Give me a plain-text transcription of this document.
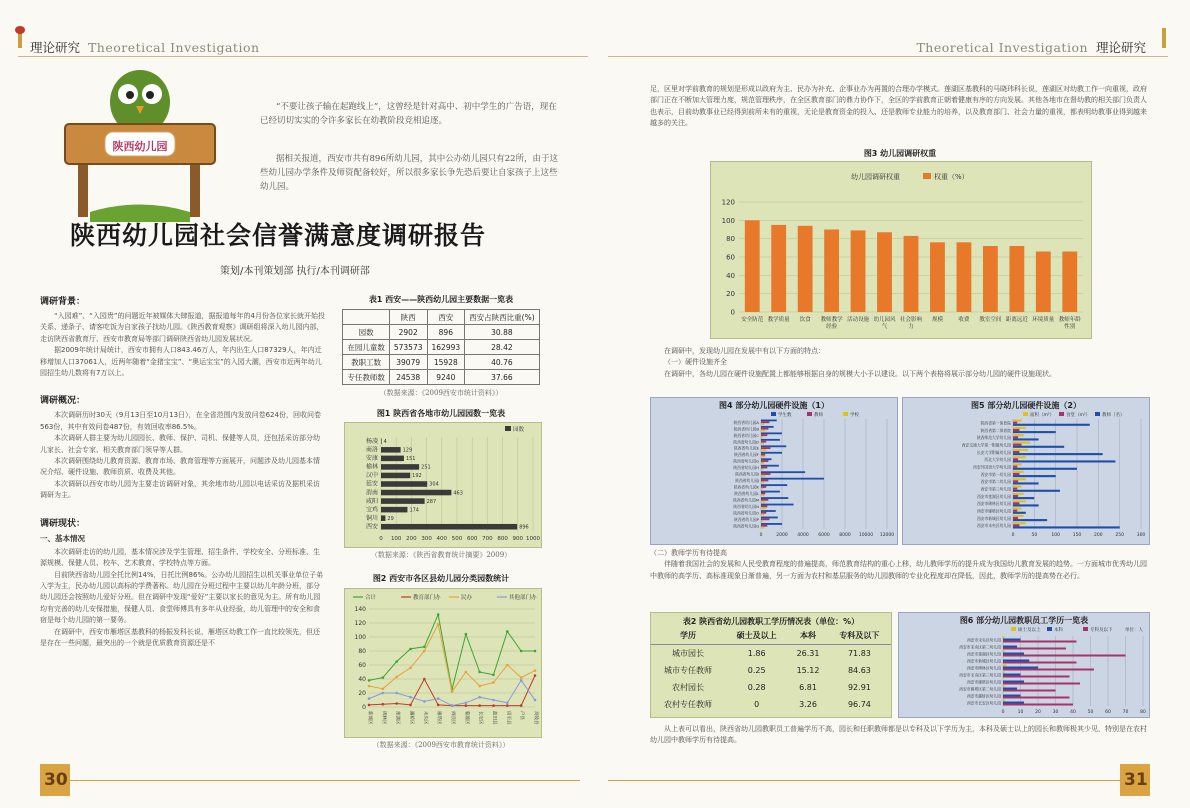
理论研究 Theoretical Investigation	Theoretical Investigation 理论研究
陕西幼儿园
“不要让孩子输在起跑线上”，这曾经是针对高中、初中学生的广告语，现在已经切切实实的令许多家长在幼教阶段竞相追逐。
据相关报道，西安市共有896所幼儿园，其中公办幼儿园只有22所，由于这些幼儿园办学条件及师资配备较好，所以很多家长争先恐后要让自家孩子上这些幼儿园。
陕西幼儿园社会信誉满意度调研报告
策划/本刊策划部 执行/本刊调研部
调研背景：

“入园难”、“入园贵”的问题近年被媒体大肆报道，据报道每年的4月份各位家长就开始投关系、递条子、请客吃饭为自家孩子找幼儿园。《陕西教育观察》调研组将深入幼儿园内部，走访陕西省教育厅、西安市教育局等部门调研陕西省幼儿园发展状况。

据2009年统计局统计，西安市拥有人口843.46万人，年内出生人口87329人，年内迁移增加人口37061人，近两年随着“金猪宝宝”、“奥运宝宝”的入园大潮，西安市近两年幼儿园招生幼儿数将有7万以上。

调研概况：

本次调研历时30天（9月13日至10月13日），在全省范围内发放问卷624份，回收问卷563份，其中有效问卷487份，有效回收率86.5%。

本次调研人群主要为幼儿园园长、教师、保护、司机、保健等人员，还包括采访部分幼儿家长、社会专家、相关教育部门领导等人群。

本次调研围绕幼儿教育资源、教育市场、教育管理等方面展开，问题涉及幼儿园基本情况介绍、硬件设施、教师资质、收费及其他。

本次调研以西安市幼儿园为主要走访调研对象，其余地市幼儿园以电话采访及据机采访调研为主。

调研现状：
一、基本情况

本次调研走访的幼儿园，基本情况涉及学生管理、招生条件、学校安全、分班标准、生源规模、保健人员、校车、艺术教育、学校特点等方面。

目前陕西省幼儿园全托比例14%，日托比例86%。公办幼儿园招生以机关事业单位子弟入学为主，民办幼儿园以高标的学费著称。幼儿园在分班过程中主要以幼儿年龄分班，部分幼儿园还会按照幼儿爱好分班。但在调研中发现“爱好”主要以家长的意见为主。所有幼儿园均有完善的幼儿安保措施，保健人员、食堂师傅具有多年从业经验，幼儿管理中的安全和食宿是每个幼儿园的第一要务。

在调研中，西安市雁塔区基教科的杨振发科长说，雁塔区幼教工作一直比较领先，但还是存在一些问题，最突出的一个就是优质教育资源还是不

表1 西安——陕西幼儿园主要数据一览表
	陕西	西安	西安占陕西比重(%)
园数	2902	896	30.88
在园儿童数	573573	162993	28.42
教职工数	39079	15928	40.76
专任教师数	24538	9240	37.66
（数据来源：《2009西安市统计资料》）
图1 陕西省各地市幼儿园园数一览表
0 100 200 300 400 500 600 700 800 900 1000
园数
杨凌 4
商洛	129
安康	151
榆林	251
汉中	192
延安	304
渭南	463
咸阳	287
宝鸡	174
铜川 29
西安	896
（数据来源：《陕西省教育统计摘要》2009）
图2 西安市各区县幼儿园分类园数统计
0
20
40
60
80
100
120
140
新城区	碑林区	莲湖区	灞桥区	未央区	雁塔区	阎良区	临潼区	长安区	蓝田县	周至县	户县	高陵县
合计	教育部门办	民办	其他部门办
（数据来源：《2009西安市教育统计资料》）
30

足，区里对学前教育的规划是形成以政府为主、民办为补充、企事业办为再置的合理办学模式。莲湖区基教科的马晓玮科长说，莲湖区对幼教工作一向重视，政府部门正在不断加大管理力度，规范管理秩序，在全区教育部门的鼎力协作下，全区的学前教育正朝着健康有序的方向发展。其他各地市在督幼教的相关部门负责人也表示，目前幼教事业已经得到前所未有的重视，无论是教育资金的投入、还是教师专业能力的培养，以及教育部门、社会力量的重视，都表明幼教事业得到越来越多的关注。

图3 幼儿园调研权重
幼儿园调研权重	权重（%）
0
20
40
60
80
100
120
安全防范 教学质量 饮食 教师教学
经验
活动设施 幼儿园风
气
社会影响
力
规模	收费 教室空间 距离远近 环境质量 教师年龄
性别

在调研中，发现幼儿园在发展中有以下方面的特点：

（一）硬件设施齐全

在调研中，各幼儿园在硬件设施配置上都能够根据自身的规模大小予以建设。以下两个表格将展示部分幼儿园的硬件设施现状。

图4 部分幼儿园硬件设施（1）
0	2000 4000 6000 8000 10000 12000
陕西省幼儿园A
陕西省幼儿园B
陕西省幼儿园C
陕西省幼儿园D
陕西省幼儿园E
陕西省幼儿园F
陕西省幼儿园G
陕西省幼儿园H
陕西省幼儿园I
陕西省幼儿园J
陕西省幼儿园K
陕西省幼儿园L
陕西省幼儿园M
陕西省幼儿园N
陕西省幼儿园O
陕西省幼儿园P
陕西省幼儿园Q
学生数	教师	学校
图5 部分幼儿园硬件设施（2）
0	50	100	150	200	250	300
陕西省第一保育院
陕西省第二保育院
陕西师范大学幼儿园
西安交通大学第一附属幼儿园
长安大学附属幼儿园
西北大学幼儿园
西安外国语大学幼儿园
西安市第一幼儿园
西安市第二幼儿园
西安市第三幼儿园
西安市莲湖区幼儿园
西安市碑林区幼儿园
西安市雁塔区幼儿园
西安市新城区幼儿园
西安市未央区幼儿园
面积（m²）	食堂（m²）	教师（名）
（二）教师学历有待提高

伴随着我国社会的发展和人民受教育程度的普遍提高，师范教育结构的重心上移，幼儿教师学历的提升成为我国幼儿教育发展的趋势。一方面城市优秀幼儿园中教师的高学历、高标准现象日渐普遍，另一方面为农村和基层服务的幼儿园教师的专业化程度却在降低，因此，教师学历的提高势在必行。

表2 陕西省幼儿园教职工学历情况表（单位：%）
学历	硕士及以上	本科	专科及以下
城市园长	1.86	26.31	71.83
城市专任教师	0.25	15.12	84.63
农村园长	0.28	6.81	92.91
农村专任教师	0	3.26	96.74
图6 部分幼儿园教职员工学历一览表
0	10	20	30	40	50	60	70	80
西安市未央区幼儿园
西安市未央区第二幼儿园
西安市莲湖区幼儿园
西安市新城区幼儿园
西安市碑林区幼儿园
西安市未央区第三幼儿园
西安市雁塔区幼儿园
西安市雁塔区第二幼儿园
西安市灞桥区幼儿园
西安市长安区幼儿园
硕士及以上	本科	专科及以下	单位：人

从上表可以看出，陕西省幼儿园教职员工普遍学历不高，园长和任职教师都是以专科及以下学历为主，本科及硕士以上的园长和教师极其少见，特别是在农村幼儿园中教师学历有待提高。

31
